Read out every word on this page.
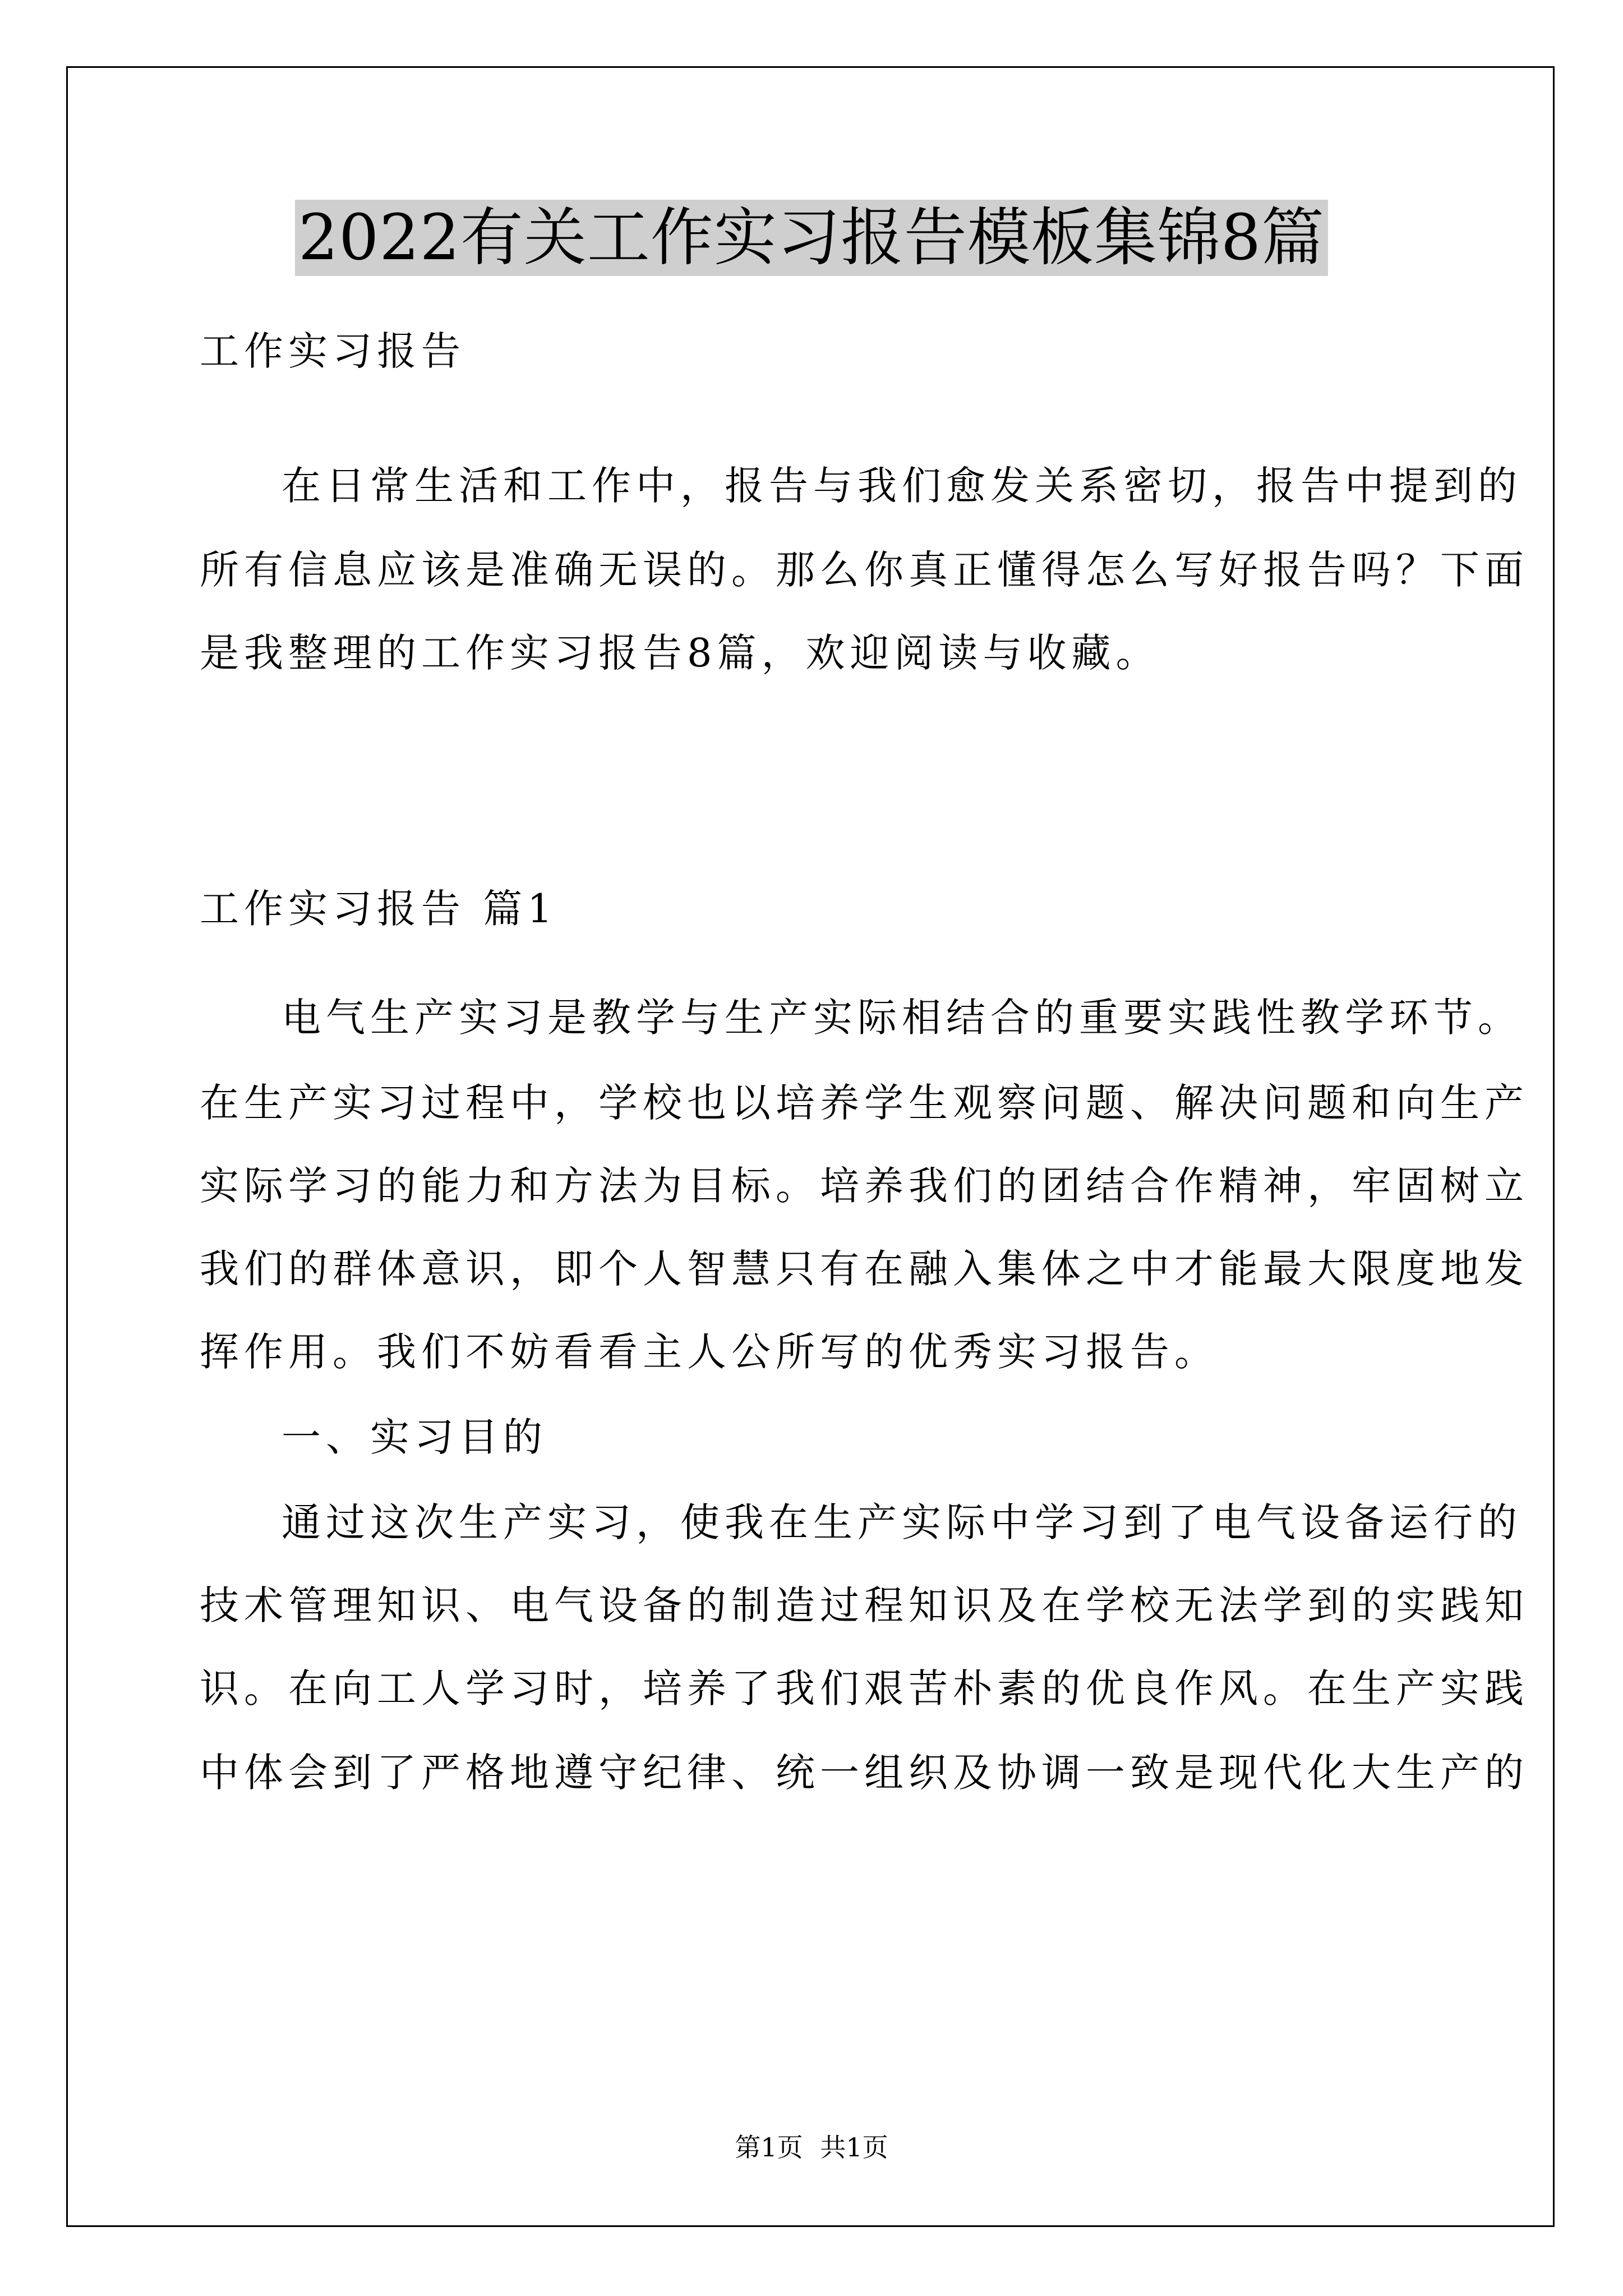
2022有关工作实习报告模板集锦8篇

工作实习报告

在日常生活和工作中，报告与我们愈发关系密切，报告中提到的

所有信息应该是准确无误的。那么你真正懂得怎么写好报告吗？下面

是我整理的工作实习报告8篇，欢迎阅读与收藏。

工作实习报告 篇1

电气生产实习是教学与生产实际相结合的重要实践性教学环节。

在生产实习过程中，学校也以培养学生观察问题、解决问题和向生产

实际学习的能力和方法为目标。培养我们的团结合作精神，牢固树立

我们的群体意识，即个人智慧只有在融入集体之中才能最大限度地发

挥作用。我们不妨看看主人公所写的优秀实习报告。

一、实习目的

通过这次生产实习，使我在生产实际中学习到了电气设备运行的

技术管理知识、电气设备的制造过程知识及在学校无法学到的实践知

识。在向工人学习时，培养了我们艰苦朴素的优良作风。在生产实践

中体会到了严格地遵守纪律、统一组织及协调一致是现代化大生产的

第1页 共1页
